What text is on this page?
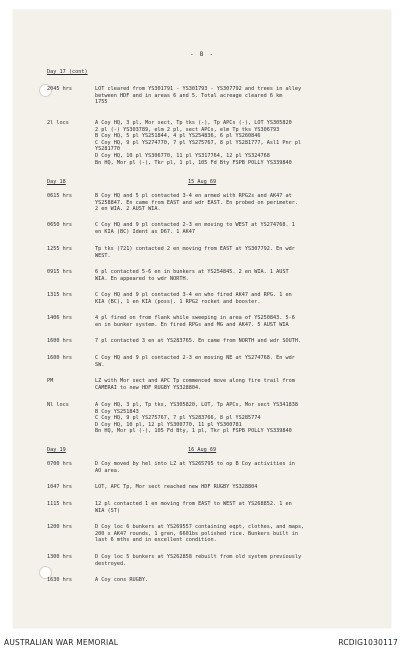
- 8 -
Day 17 (cont)
2045 hrs	LOT cleared from YS301791 - YS301793 - YS307792 and trees in alley
between HDF and in areas 6 and 5. Total acreage cleared 6 km
1755
2l locs	A Coy HQ, 3 pl, Mor sect, Tp tks (-), Tp APCs (-), LOT YS305820
2 pl (-) YS303789, elm 2 pl, sect APCs, elm Tp tks YS306793
B Coy HQ, 5 pl YS251844, 4 pl YS254836, 6 pl YS260846
C Coy HQ, 9 pl YS274770, 7 pl YS275767, 8 pl YS281777, Asl1 Pnr pl
YS281770
D Coy HQ, 10 pl YS306770, 11 pl YS317764, 12 pl YS324768
Bn HQ, Mor pl (-), Tkr pl, 1 pl, 105 Fd Bty FSPB POLLY YS339840
Day 18	15 Aug 69
0615 hrs	B Coy HQ and 5 pl contacted 3-4 en armed with RPG2s and AK47 at
YS258847. En came from EAST and wdr EAST. En probed on perimeter.
2 en WIA. 2 AUST WIA.
0650 hrs	C Coy HQ and 9 pl contacted 2-3 en moving to WEST at YS274768. 1
en KIA (BC) Ident as D67. 1 AK47
1255 hrs	Tp tks (721) contacted 2 en moving from EAST at YS307792. En wdr
WEST.
0915 hrs	6 pl contacted 5-6 en in bunkers at YS254845. 2 en WIA. 1 AUST
WIA. En appeared to wdr NORTH.
1315 hrs	C Coy HQ and 9 pl contacted 3-4 en who fired AK47 and RPG. 1 en
KIA (BC), 1 en KIA (poss). 1 RPG2 rocket and booster.
1406 hrs	4 pl fired on from flank while sweeping in area of YS250843. 5-6
en in bunker system. En fired RPGs and MG and AK47. 5 AUST WIA
1600 hrs	7 pl contacted 3 en at YS283765. En came from NORTH and wdr SOUTH.
1600 hrs	C Coy HQ and 9 pl contacted 2-3 en moving NE at YS274768. En wdr
SW.
PM	LZ with Mor sect and APC Tp commenced move along fire trail from
CAMERAI to new HDF RUGBY YS328804.
Nl locs	A Coy HQ, 3 pl, Tp tks, YS305820, LOT, Tp APCs, Mor sect YS341838
B Coy YS251843
C Coy HQ, 9 pl YS275767, 7 pl YS283766, 8 pl YS285774
D Coy HQ, 10 pl, 12 pl YS300770, 11 pl YS300781
Bn HQ, Mor pl (-), 105 Fd Bty, 1 pl, Tkr pl FSPB POLLY YS339840
Day 19	16 Aug 69
0700 hrs	D Coy moved by hel into LZ at YS265795 to op B Coy activities in
AO area.
1047 hrs	LOT, APC Tp, Mor sect reached new HDF RUGBY YS328804
1115 hrs	12 pl contacted 1 en moving from EAST to WEST at YS268852. 1 en
WIA (ST)
1200 hrs	D Coy loc 6 bunkers at YS269557 containing eqpt, clothes, and maps,
200 x AK47 rounds, 1 gren, 6601bs polished rice. Bunkers built in
last 6 mths and in excellent condition.
1300 hrs	D Coy loc 5 bunkers at YS262858 rebuilt from old system previously
destroyed.
1630 hrs	A Coy cons RUGBY.
AUSTRALIAN WAR MEMORIAL	RCDIG1030117
